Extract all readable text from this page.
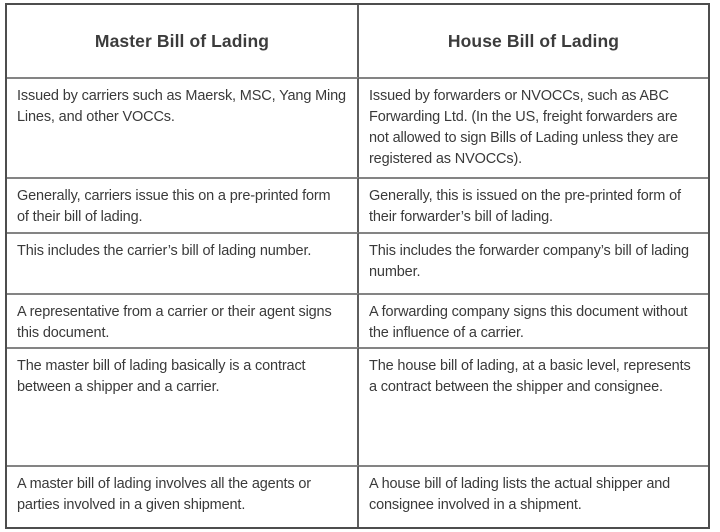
Master Bill of Lading	House Bill of Lading
Issued by carriers such as Maersk, MSC, Yang Ming Lines, and other VOCCs.
Issued by forwarders or NVOCCs, such as ABC Forwarding Ltd. (In the US, freight forwarders are not allowed to sign Bills of Lading unless they are registered as NVOCCs).
Generally, carriers issue this on a pre-printed form of their bill of lading.
Generally, this is issued on the pre-printed form of their forwarder’s bill of lading.
This includes the carrier’s bill of lading number.	This includes the forwarder company’s bill of lading number.
A representative from a carrier or their agent signs this document.
A forwarding company signs this document without the influence of a carrier.
The master bill of lading basically is a contract between a shipper and a carrier.
The house bill of lading, at a basic level, represents a contract between the shipper and consignee.
A master bill of lading involves all the agents or parties involved in a given shipment.
A house bill of lading lists the actual shipper and consignee involved in a shipment.
